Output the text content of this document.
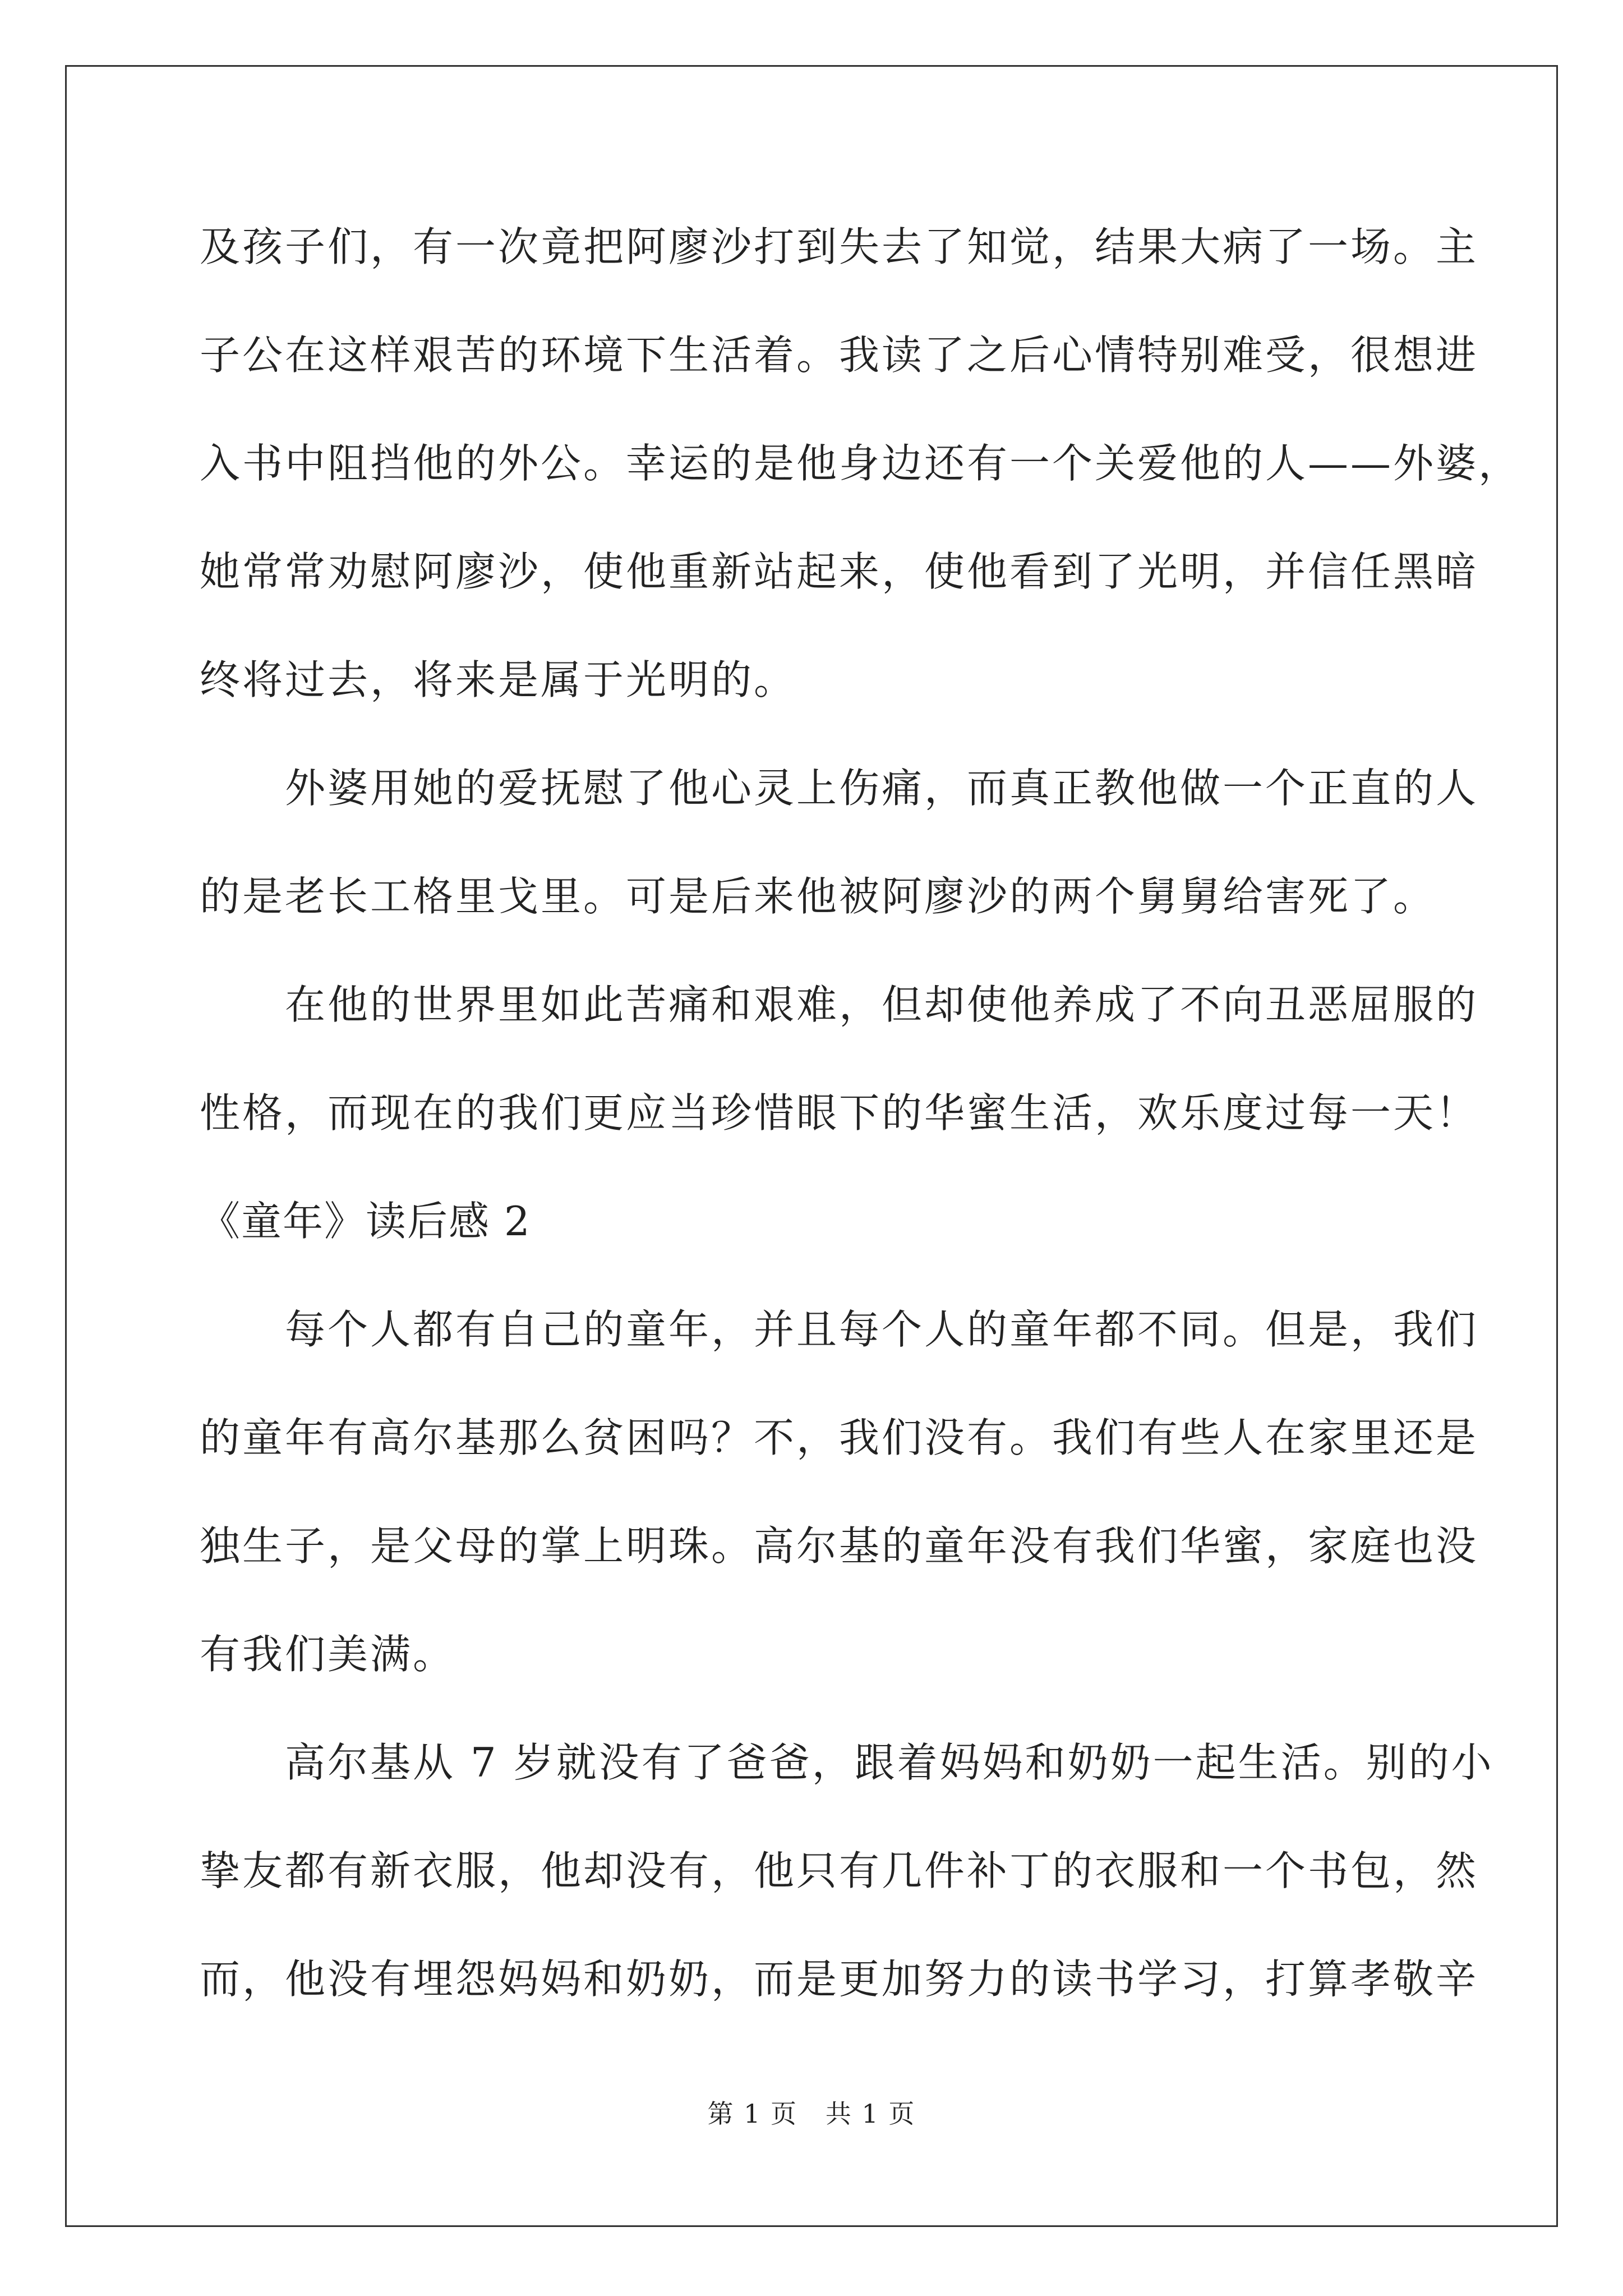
及孩子们，有一次竟把阿廖沙打到失去了知觉，结果大病了一场。主
子公在这样艰苦的环境下生活着。我读了之后心情特别难受，很想进
入书中阻挡他的外公。幸运的是他身边还有一个关爱他的人——外婆，
她常常劝慰阿廖沙，使他重新站起来，使他看到了光明，并信任黑暗
终将过去，将来是属于光明的。
　　外婆用她的爱抚慰了他心灵上伤痛，而真正教他做一个正直的人
的是老长工格里戈里。可是后来他被阿廖沙的两个舅舅给害死了。
　　在他的世界里如此苦痛和艰难，但却使他养成了不向丑恶屈服的
性格，而现在的我们更应当珍惜眼下的华蜜生活，欢乐度过每一天！
《童年》读后感 2
　　每个人都有自己的童年，并且每个人的童年都不同。但是，我们
的童年有高尔基那么贫困吗？不，我们没有。我们有些人在家里还是
独生子，是父母的掌上明珠。高尔基的童年没有我们华蜜，家庭也没
有我们美满。
　　高尔基从 7 岁就没有了爸爸，跟着妈妈和奶奶一起生活。别的小
挚友都有新衣服，他却没有，他只有几件补丁的衣服和一个书包，然
而，他没有埋怨妈妈和奶奶，而是更加努力的读书学习，打算孝敬辛
第 1 页   共 1 页
